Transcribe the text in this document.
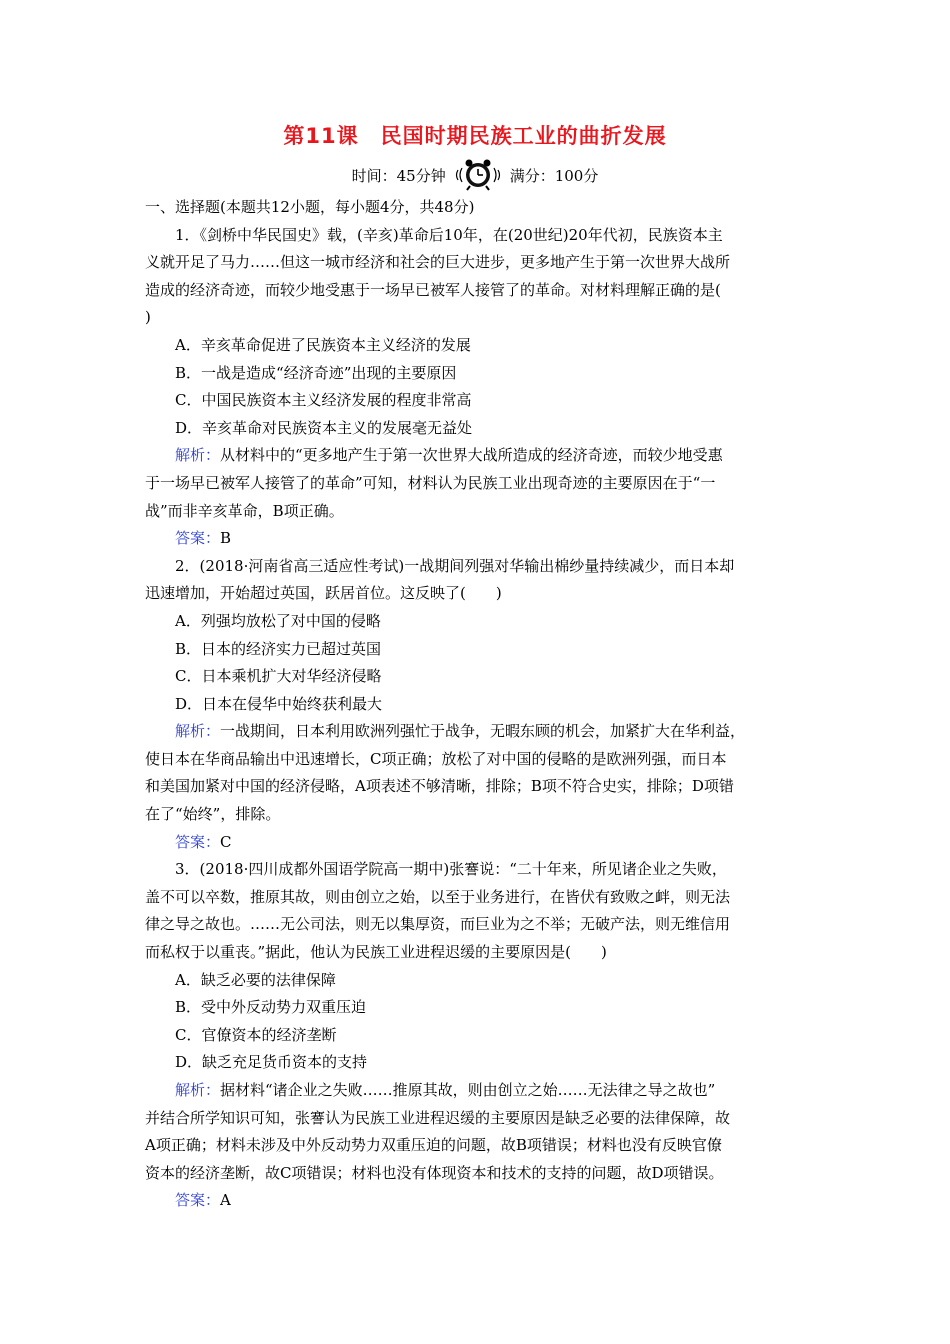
第11课　民国时期民族工业的曲折发展
时间：45分钟	满分：100分
一、选择题(本题共12小题，每小题4分，共48分)
1．《剑桥中华民国史》载，(辛亥)革命后10年，在(20世纪)20年代初，民族资本主
义就开足了马力……但这一城市经济和社会的巨大进步，更多地产生于第一次世界大战所
造成的经济奇迹，而较少地受惠于一场早已被军人接管了的革命。对材料理解正确的是(
)
A．辛亥革命促进了民族资本主义经济的发展
B．一战是造成“经济奇迹”出现的主要原因
C．中国民族资本主义经济发展的程度非常高
D．辛亥革命对民族资本主义的发展毫无益处
解析：从材料中的“更多地产生于第一次世界大战所造成的经济奇迹，而较少地受惠
于一场早已被军人接管了的革命”可知，材料认为民族工业出现奇迹的主要原因在于“一
战”而非辛亥革命，B项正确。
答案：B
2．(2018·河南省高三适应性考试)一战期间列强对华输出棉纱量持续减少，而日本却
迅速增加，开始超过英国，跃居首位。这反映了(　　)
A．列强均放松了对中国的侵略
B．日本的经济实力已超过英国
C．日本乘机扩大对华经济侵略
D．日本在侵华中始终获利最大
解析：一战期间，日本利用欧洲列强忙于战争，无暇东顾的机会，加紧扩大在华利益，
使日本在华商品输出中迅速增长，C项正确；放松了对中国的侵略的是欧洲列强，而日本
和美国加紧对中国的经济侵略，A项表述不够清晰，排除；B项不符合史实，排除；D项错
在了“始终”，排除。
答案：C
3．(2018·四川成都外国语学院高一期中)张謇说：“二十年来，所见诸企业之失败，
盖不可以卒数，推原其故，则由创立之始，以至于业务进行，在皆伏有致败之衅，则无法
律之导之故也。……无公司法，则无以集厚资，而巨业为之不举；无破产法，则无维信用
而私权于以重丧。”据此，他认为民族工业进程迟缓的主要原因是(　　)
A．缺乏必要的法律保障
B．受中外反动势力双重压迫
C．官僚资本的经济垄断
D．缺乏充足货币资本的支持
解析：据材料“诸企业之失败……推原其故，则由创立之始……无法律之导之故也”
并结合所学知识可知，张謇认为民族工业进程迟缓的主要原因是缺乏必要的法律保障，故
A项正确；材料未涉及中外反动势力双重压迫的问题，故B项错误；材料也没有反映官僚
资本的经济垄断，故C项错误；材料也没有体现资本和技术的支持的问题，故D项错误。
答案：A
